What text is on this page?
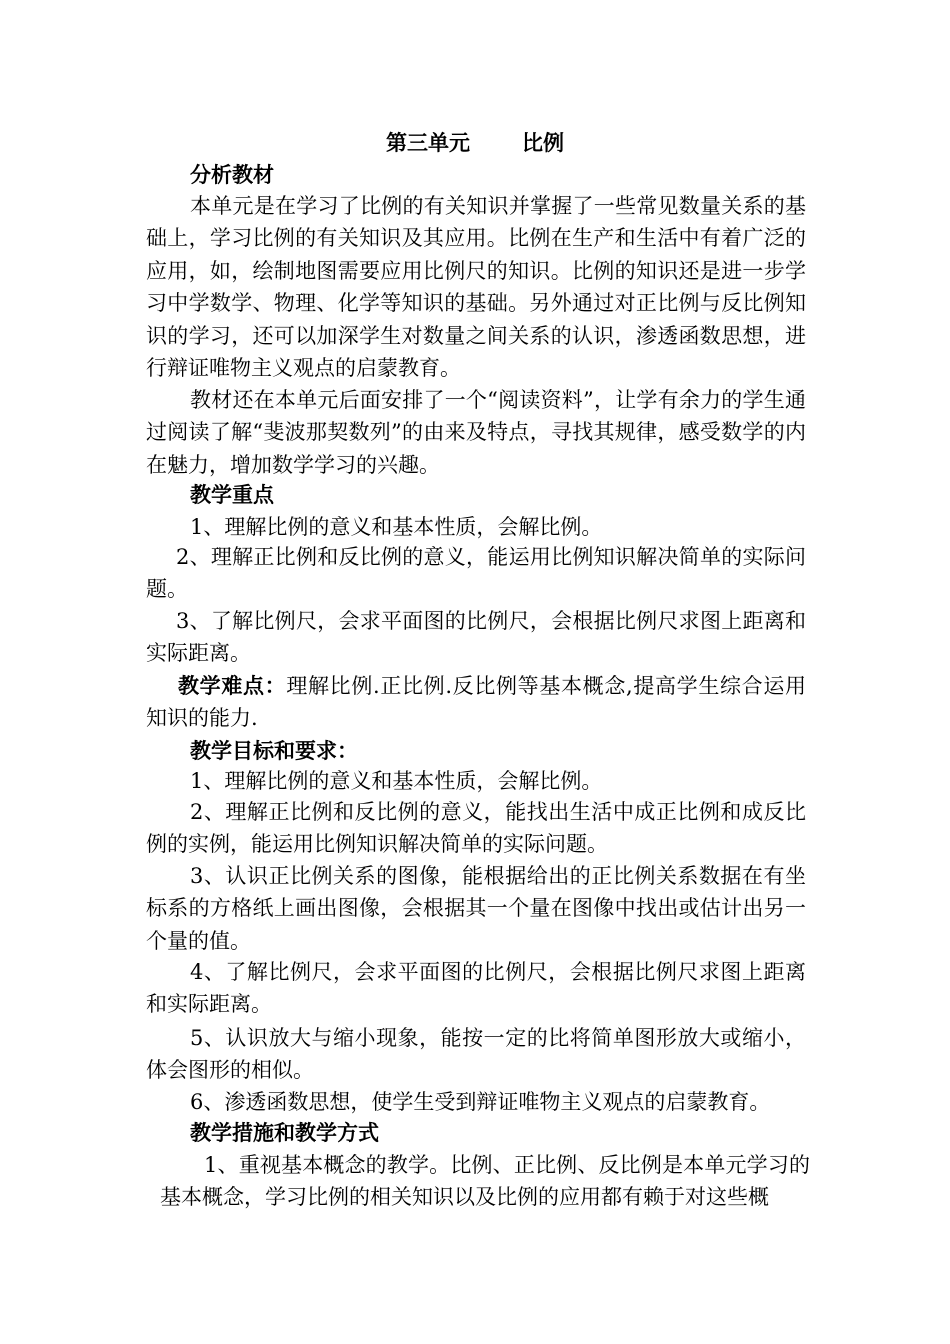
第三单元 比例
分析教材
本单元是在学习了比例的有关知识并掌握了一些常见数量关系的基础上，学习比例的有关知识及其应用。比例在生产和生活中有着广泛的应用，如，绘制地图需要应用比例尺的知识。比例的知识还是进一步学习中学数学、物理、化学等知识的基础。另外通过对正比例与反比例知识的学习，还可以加深学生对数量之间关系的认识，渗透函数思想，进行辩证唯物主义观点的启蒙教育。
教材还在本单元后面安排了一个“阅读资料”，让学有余力的学生通过阅读了解“斐波那契数列”的由来及特点，寻找其规律，感受数学的内在魅力，增加数学学习的兴趣。
教学重点
1、理解比例的意义和基本性质，会解比例。
2、理解正比例和反比例的意义，能运用比例知识解决简单的实际问题。
3、了解比例尺，会求平面图的比例尺，会根据比例尺求图上距离和实际距离。
教学难点：理解比例.正比例.反比例等基本概念,提高学生综合运用知识的能力.
教学目标和要求：
1、理解比例的意义和基本性质，会解比例。
2、理解正比例和反比例的意义，能找出生活中成正比例和成反比例的实例，能运用比例知识解决简单的实际问题。
3、认识正比例关系的图像，能根据给出的正比例关系数据在有坐标系的方格纸上画出图像，会根据其一个量在图像中找出或估计出另一个量的值。
4、了解比例尺，会求平面图的比例尺，会根据比例尺求图上距离和实际距离。
5、认识放大与缩小现象，能按一定的比将简单图形放大或缩小，体会图形的相似。
6、渗透函数思想，使学生受到辩证唯物主义观点的启蒙教育。
教学措施和教学方式
1、重视基本概念的教学。比例、正比例、反比例是本单元学习的基本概念，学习比例的相关知识以及比例的应用都有赖于对这些概
